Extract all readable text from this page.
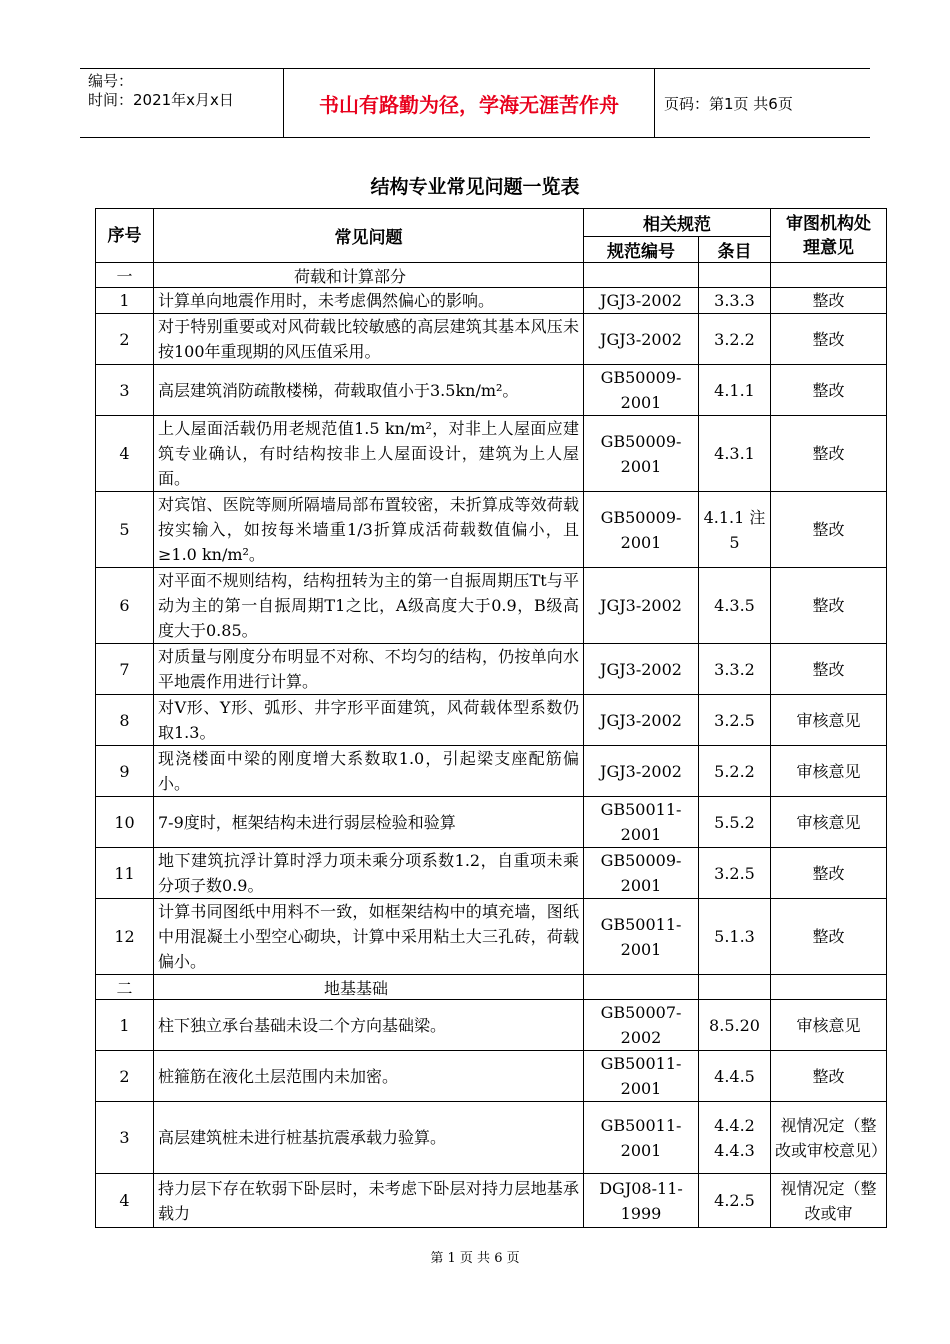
编号：
时间：2021年x月x日	书山有路勤为径，学海无涯苦作舟	页码：第1页 共6页
结构专业常见问题一览表
序号	常见问题	相关规范		审图机构处理意见
		规范编号	条目	
一	荷载和计算部分			
1	计算单向地震作用时，未考虑偶然偏心的影响。	JGJ3-2002	3.3.3	整改
2	对于特别重要或对风荷载比较敏感的高层建筑其基本风压未按100年重现期的风压值采用。	JGJ3-2002	3.2.2	整改
3	高层建筑消防疏散楼梯，荷载取值小于3.5kn/m²。	GB50009-2001	4.1.1	整改
4	上人屋面活载仍用老规范值1.5 kn/m²，对非上人屋面应建筑专业确认，有时结构按非上人屋面设计，建筑为上人屋面。	GB50009-2001	4.3.1	整改
5	对宾馆、医院等厕所隔墙局部布置较密，未折算成等效荷载按实输入，如按每米墙重1/3折算成活荷载数值偏小，且≥1.0 kn/m²。	GB50009-2001	4.1.1 注5	整改
6	对平面不规则结构，结构扭转为主的第一自振周期压Tt与平动为主的第一自振周期T1之比，A级高度大于0.9，B级高度大于0.85。	JGJ3-2002	4.3.5	整改
7	对质量与刚度分布明显不对称、不均匀的结构，仍按单向水平地震作用进行计算。	JGJ3-2002	3.3.2	整改
8	对V形、Y形、弧形、井字形平面建筑，风荷载体型系数仍取1.3。	JGJ3-2002	3.2.5	审核意见
9	现浇楼面中梁的刚度增大系数取1.0，引起梁支座配筋偏小。	JGJ3-2002	5.2.2	审核意见
10	7-9度时，框架结构未进行弱层检验和验算	GB50011-2001	5.5.2	审核意见
11	地下建筑抗浮计算时浮力项未乘分项系数1.2，自重项未乘分项子数0.9。	GB50009-2001	3.2.5	整改
12	计算书同图纸中用料不一致，如框架结构中的填充墙，图纸中用混凝土小型空心砌块，计算中采用粘土大三孔砖，荷载偏小。	GB50011-2001	5.1.3	整改
二	地基基础			
1	柱下独立承台基础未设二个方向基础梁。	GB50007-2002	8.5.20	审核意见
2	桩箍筋在液化土层范围内未加密。	GB50011-2001	4.4.5	整改
3	高层建筑桩未进行桩基抗震承载力验算。	GB50011-2001	4.4.2 4.4.3	视情况定（整改或审校意见）
4	持力层下存在软弱下卧层时，未考虑下卧层对持力层地基承载力	DGJ08-11-1999	4.2.5	视情况定（整改或审
第 1 页 共 6 页
